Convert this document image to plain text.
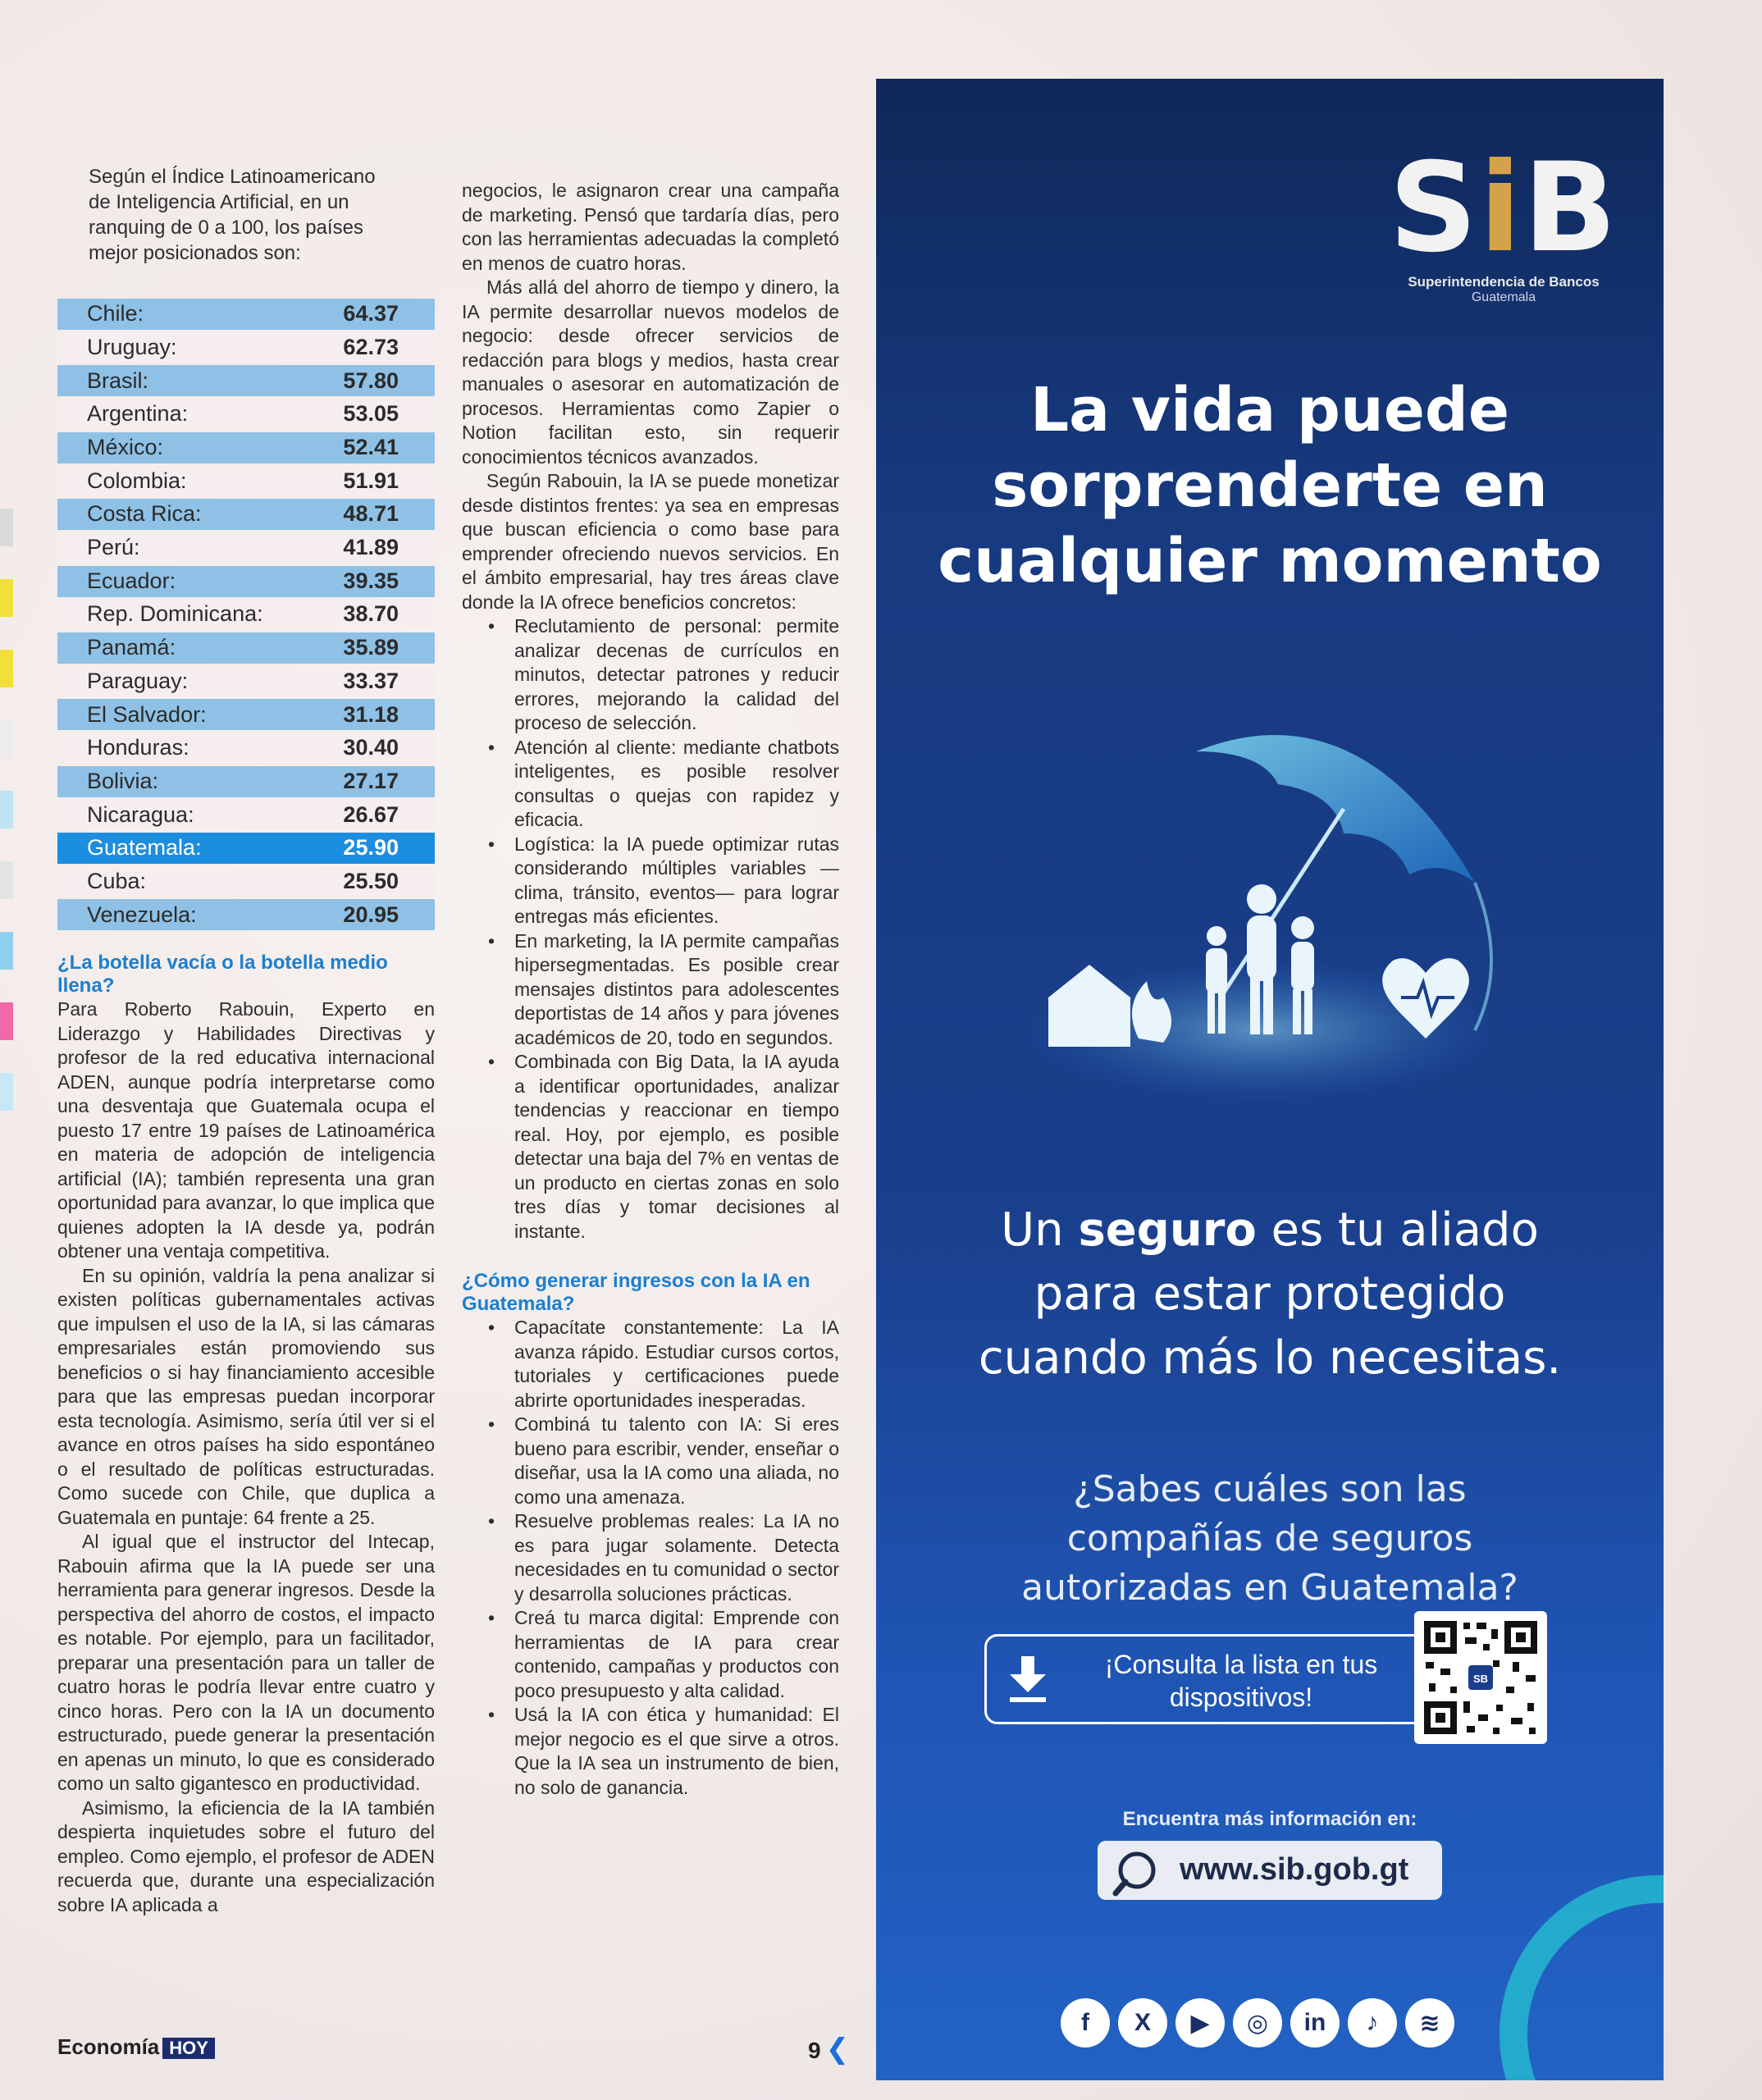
Según el Índice Latinoamericano de Inteligencia Artificial, en un ranquing de 0 a 100, los países mejor posicionados son:
Chile:	64.37
Uruguay:	62.73
Brasil:	57.80
Argentina:	53.05
México:	52.41
Colombia:	51.91
Costa Rica:	48.71
Perú:	41.89
Ecuador:	39.35
Rep. Dominicana:	38.70
Panamá:	35.89
Paraguay:	33.37
El Salvador:	31.18
Honduras:	30.40
Bolivia:	27.17
Nicaragua:	26.67
Guatemala:	25.90
Cuba:	25.50
Venezuela:	20.95
¿La botella vacía o la botella medio llena?

Para Roberto Rabouin, Experto en Liderazgo y Habilidades Directivas y profesor de la red educativa internacional ADEN, aunque podría interpretarse como una desventaja que Guatemala ocupa el puesto 17 entre 19 países de Latinoamérica en materia de adopción de inteligencia artificial (IA); también representa una gran oportunidad para avanzar, lo que implica que quienes adopten la IA desde ya, podrán obtener una ventaja competitiva.

En su opinión, valdría la pena analizar si existen políticas gubernamentales activas que impulsen el uso de la IA, si las cámaras empresariales están promoviendo sus beneficios o si hay financiamiento accesible para que las empresas puedan incorporar esta tecnología. Asimismo, sería útil ver si el avance en otros países ha sido espontáneo o el resultado de políticas estructuradas. Como sucede con Chile, que duplica a Guatemala en puntaje: 64 frente a 25.

Al igual que el instructor del Intecap, Rabouin afirma que la IA puede ser una herramienta para generar ingresos. Desde la perspectiva del ahorro de costos, el impacto es notable. Por ejemplo, para un facilitador, preparar una presentación para un taller de cuatro horas le podría llevar entre cuatro y cinco horas. Pero con la IA un documento estructurado, puede generar la presentación en apenas un minuto, lo que es considerado como un salto gigantesco en productividad.

Asimismo, la eficiencia de la IA también despierta inquietudes sobre el futuro del empleo. Como ejemplo, el profesor de ADEN recuerda que, durante una especialización sobre IA aplicada a

negocios, le asignaron crear una campaña de marketing. Pensó que tardaría días, pero con las herramientas adecuadas la completó en menos de cuatro horas.

Más allá del ahorro de tiempo y dinero, la IA permite desarrollar nuevos modelos de negocio: desde ofrecer servicios de redacción para blogs y medios, hasta crear manuales o asesorar en automatización de procesos. Herramientas como Zapier o Notion facilitan esto, sin requerir conocimientos técnicos avanzados.

Según Rabouin, la IA se puede monetizar desde distintos frentes: ya sea en empresas que buscan eficiencia o como base para emprender ofreciendo nuevos servicios. En el ámbito empresarial, hay tres áreas clave donde la IA ofrece beneficios concretos:

• Reclutamiento de personal: permite analizar decenas de currículos en minutos, detectar patrones y reducir errores, mejorando la calidad del proceso de selección.
• Atención al cliente: mediante chatbots inteligentes, es posible resolver consultas o quejas con rapidez y eficacia.
• Logística: la IA puede optimizar rutas considerando múltiples variables —clima, tránsito, eventos— para lograr entregas más eficientes.
• En marketing, la IA permite campañas hipersegmentadas. Es posible crear mensajes distintos para adolescentes deportistas de 14 años y para jóvenes académicos de 20, todo en segundos.
• Combinada con Big Data, la IA ayuda a identificar oportunidades, analizar tendencias y reaccionar en tiempo real. Hoy, por ejemplo, es posible detectar una baja del 7% en ventas de un producto en ciertas zonas en solo tres días y tomar decisiones al instante.
¿Cómo generar ingresos con la IA en Guatemala?
• Capacítate constantemente: La IA avanza rápido. Estudiar cursos cortos, tutoriales y certificaciones puede abrirte oportunidades inesperadas.
• Combiná tu talento con IA: Si eres bueno para escribir, vender, enseñar o diseñar, usa la IA como una aliada, no como una amenaza.
• Resuelve problemas reales: La IA no es para jugar solamente. Detecta necesidades en tu comunidad o sector y desarrolla soluciones prácticas.
• Creá tu marca digital: Emprende con herramientas de IA para crear contenido, campañas y productos con poco presupuesto y alta calidad.
• Usá la IA con ética y humanidad: El mejor negocio es el que sirve a otros. Que la IA sea un instrumento de bien, no solo de ganancia.
Economía HOY	9 ❮
SiB
Superintendencia de Bancos
Guatemala
La vida puede sorprenderte en cualquier momento
Un seguro es tu aliado para estar protegido cuando más lo necesitas.
¿Sabes cuáles son las compañías de seguros autorizadas en Guatemala?
¡Consulta la lista en tus dispositivos!
SB
Encuentra más información en:
www.sib.gob.gt
f	X	▶	◎	in	♪	≋
